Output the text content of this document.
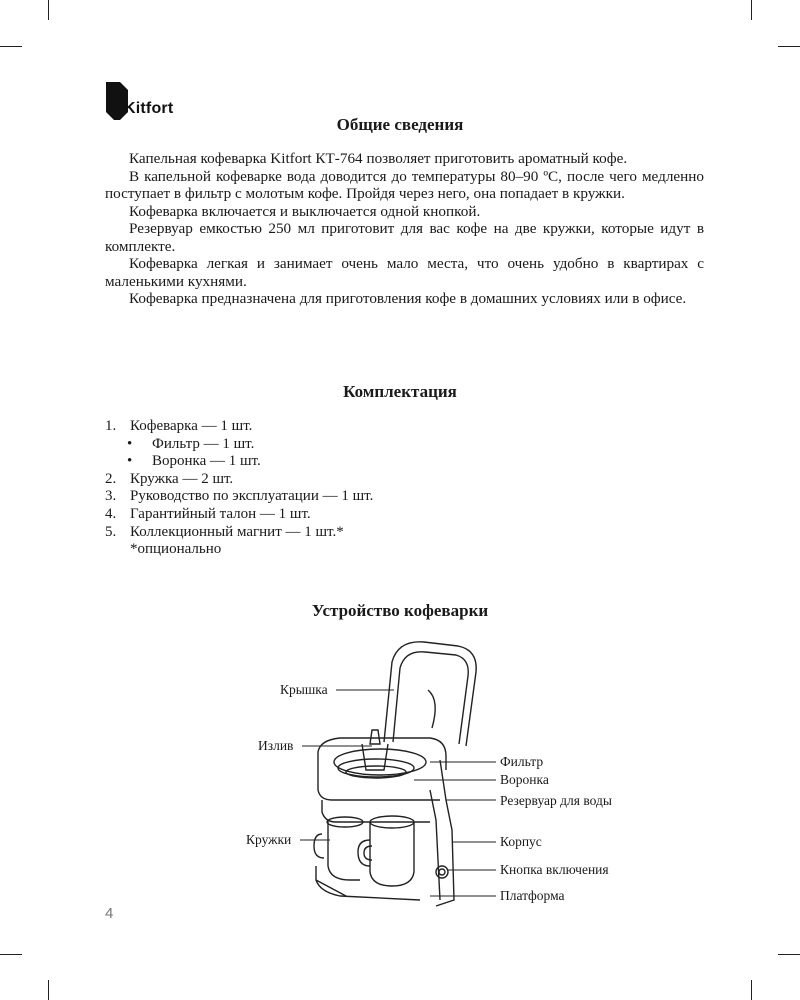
Kitfort
Общие сведения

Капельная кофеварка Kitfort КТ-764 позволяет приготовить ароматный кофе.

В капельной кофеварке вода доводится до температуры 80–90 ºC, после чего медленно поступает в фильтр с молотым кофе. Пройдя через него, она попадает в кружки.

Кофеварка включается и выключается одной кнопкой.

Резервуар емкостью 250 мл приготовит для вас кофе на две кружки, которые идут в комплекте.

Кофеварка легкая и занимает очень мало места, что очень удобно в квартирах с маленькими кухнями.

Кофеварка предназначена для приготовления кофе в домашних условиях или в офисе.

Комплектация
1. Кофеварка — 1 шт.
•	Фильтр — 1 шт.
•	Воронка — 1 шт.
2. Кружка — 2 шт.
3. Руководство по эксплуатации — 1 шт.
4. Гарантийный талон — 1 шт.
5. Коллекционный магнит — 1 шт.*
*опционально
Устройство кофеварки
Крышка
Излив
Кружки
Фильтр
Воронка
Резервуар для воды
Корпус
Кнопка включения
Платформа
4
